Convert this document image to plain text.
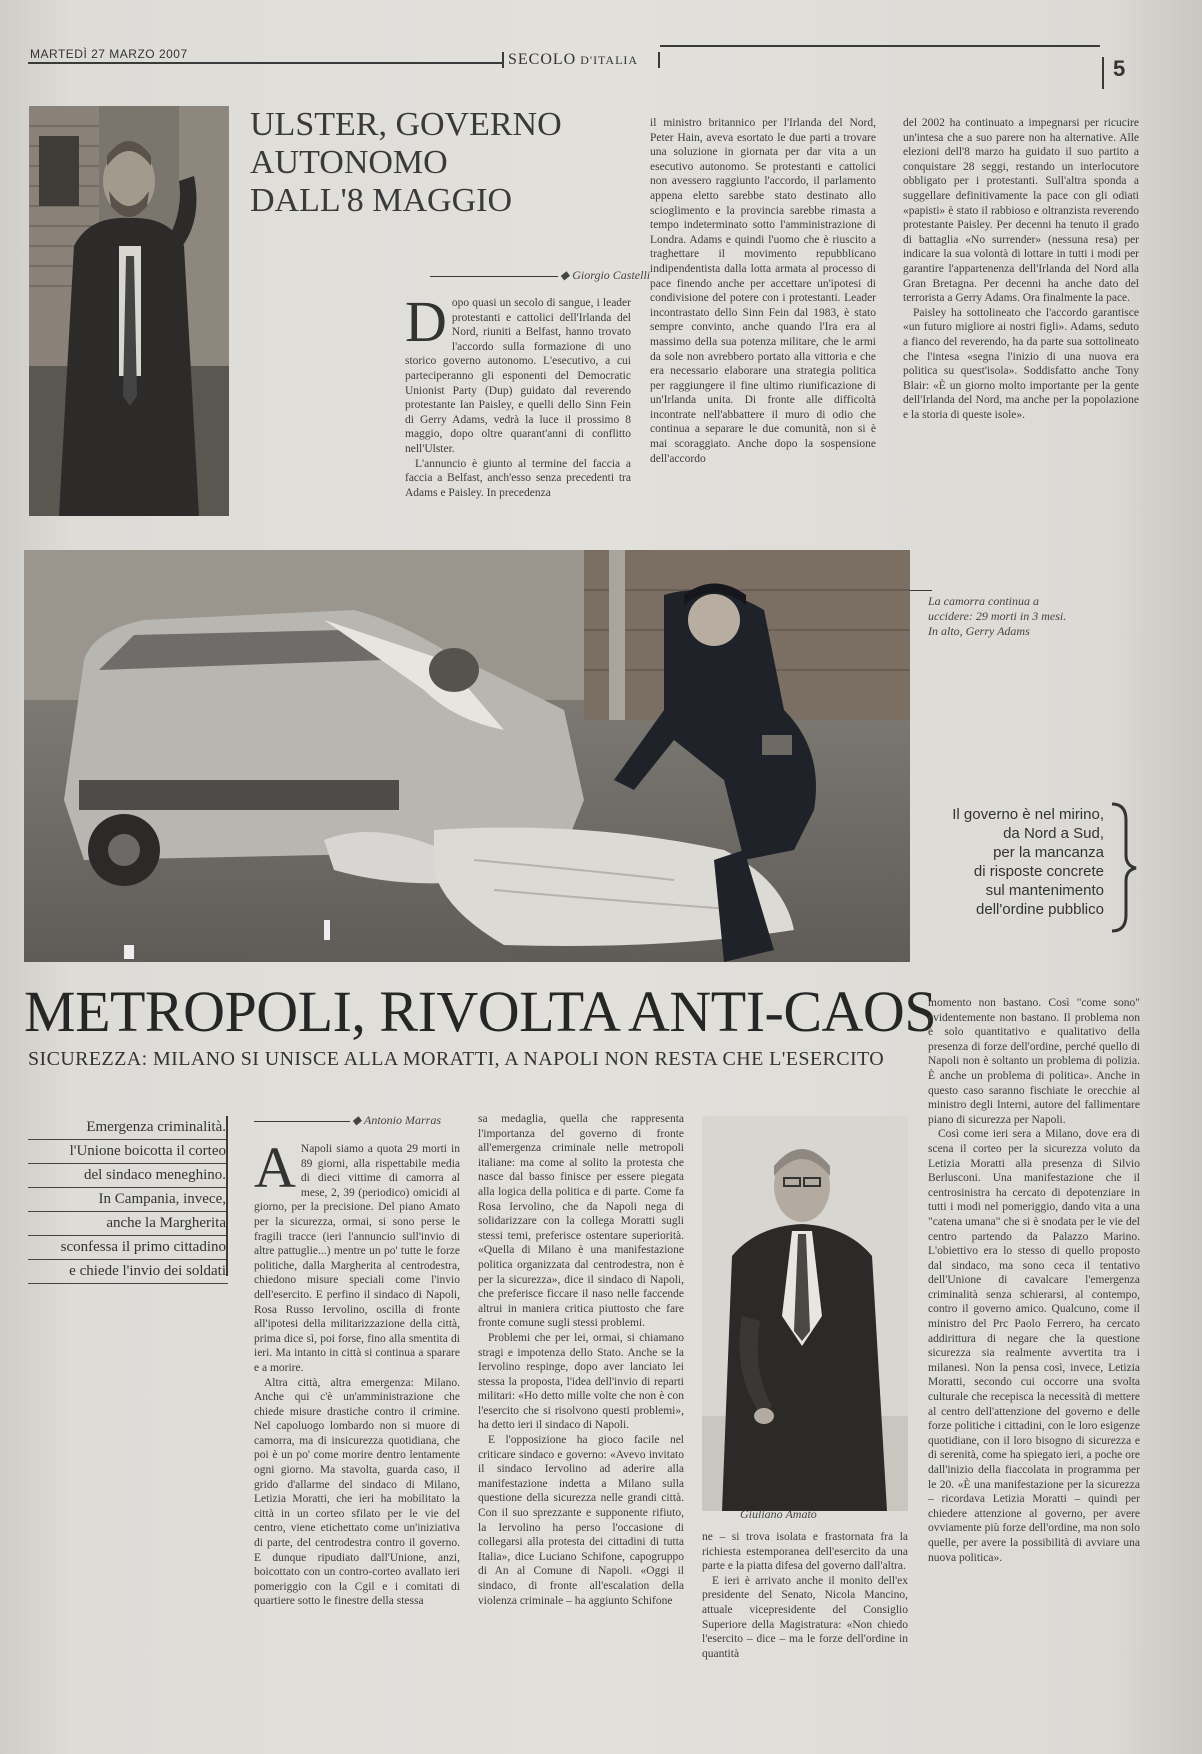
MARTEDÌ 27 MARZO 2007	SECOLO D'ITALIA	5
ULSTER, GOVERNO
AUTONOMO
DALL'8 MAGGIO
◆ Giorgio Castelli

Dopo quasi un secolo di sangue, i leader protestanti e cattolici dell'Irlanda del Nord, riuniti a Belfast, hanno trovato l'accordo sulla formazione di uno storico governo autonomo. L'esecutivo, a cui parteciperanno gli esponenti del Democratic Unionist Party (Dup) guidato dal reverendo protestante Ian Paisley, e quelli dello Sinn Fein di Gerry Adams, vedrà la luce il prossimo 8 maggio, dopo oltre quarant'anni di conflitto nell'Ulster.

L'annuncio è giunto al termine del faccia a faccia a Belfast, anch'esso senza precedenti tra Adams e Paisley. In precedenza

il ministro britannico per l'Irlanda del Nord, Peter Hain, aveva esortato le due parti a trovare una soluzione in giornata per dar vita a un esecutivo autonomo. Se protestanti e cattolici non avessero raggiunto l'accordo, il parlamento appena eletto sarebbe stato destinato allo scioglimento e la provincia sarebbe rimasta a tempo indeterminato sotto l'amministrazione di Londra. Adams e quindi l'uomo che è riuscito a traghettare il movimento repubblicano indipendentista dalla lotta armata al processo di pace finendo anche per accettare un'ipotesi di condivisione del potere con i protestanti. Leader incontrastato dello Sinn Fein dal 1983, è stato sempre convinto, anche quando l'Ira era al massimo della sua potenza militare, che le armi da sole non avrebbero portato alla vittoria e che era necessario elaborare una strategia politica per raggiungere il fine ultimo riunificazione di un'Irlanda unita. Di fronte alle difficoltà incontrate nell'abbattere il muro di odio che continua a separare le due comunità, non si è mai scoraggiato. Anche dopo la sospensione dell'accordo

del 2002 ha continuato a impegnarsi per ricucire un'intesa che a suo parere non ha alternative. Alle elezioni dell'8 marzo ha guidato il suo partito a conquistare 28 seggi, restando un interlocutore obbligato per i protestanti. Sull'altra sponda a suggellare definitivamente la pace con gli odiati «papisti» è stato il rabbioso e oltranzista reverendo protestante Paisley. Per decenni ha tenuto il grado di battaglia «No surrender» (nessuna resa) per indicare la sua volontà di lottare in tutti i modi per garantire l'appartenenza dell'Irlanda del Nord alla Gran Bretagna. Per decenni ha anche dato del terrorista a Gerry Adams. Ora finalmente la pace.

Paisley ha sottolineato che l'accordo garantisce «un futuro migliore ai nostri figli». Adams, seduto a fianco del reverendo, ha da parte sua sottolineato che l'intesa «segna l'inizio di una nuova era politica su quest'isola». Soddisfatto anche Tony Blair: «È un giorno molto importante per la gente dell'Irlanda del Nord, ma anche per la popolazione e la storia di queste isole».

La camorra continua a
uccidere: 29 morti in 3 mesi.
In alto, Gerry Adams
Il governo è nel mirino,
da Nord a Sud,
per la mancanza
di risposte concrete
sul mantenimento
dell'ordine pubblico
METROPOLI, RIVOLTA ANTI-CAOS
SICUREZZA: MILANO SI UNISCE ALLA MORATTI, A NAPOLI NON RESTA CHE L'ESERCITO
Emergenza criminalità.
l'Unione boicotta il corteo
del sindaco meneghino.
In Campania, invece,
anche la Margherita
sconfessa il primo cittadino
e chiede l'invio dei soldati
◆ Antonio Marras

A Napoli siamo a quota 29 morti in 89 giorni, alla rispettabile media di dieci vittime di camorra al mese, 2, 39 (periodico) omicidi al giorno, per la precisione. Del piano Amato per la sicurezza, ormai, si sono perse le fragili tracce (ieri l'annuncio sull'invio di altre pattuglie...) mentre un po' tutte le forze politiche, dalla Margherita al centrodestra, chiedono misure speciali come l'invio dell'esercito. E perfino il sindaco di Napoli, Rosa Russo Iervolino, oscilla di fronte all'ipotesi della militarizzazione della città, prima dice sì, poi forse, fino alla smentita di ieri. Ma intanto in città si continua a sparare e a morire.

Altra città, altra emergenza: Milano. Anche qui c'è un'amministrazione che chiede misure drastiche contro il crimine. Nel capoluogo lombardo non si muore di camorra, ma di insicurezza quotidiana, che poi è un po' come morire dentro lentamente ogni giorno. Ma stavolta, guarda caso, il grido d'allarme del sindaco di Milano, Letizia Moratti, che ieri ha mobilitato la città in un corteo sfilato per le vie del centro, viene etichettato come un'iniziativa di parte, del centrodestra contro il governo. E dunque ripudiato dall'Unione, anzi, boicottato con un contro-corteo avallato ieri pomeriggio con la Cgil e i comitati di quartiere sotto le finestre della stessa

sa medaglia, quella che rappresenta l'importanza del governo di fronte all'emergenza criminale nelle metropoli italiane: ma come al solito la protesta che nasce dal basso finisce per essere piegata alla logica della politica e di parte. Come fa Rosa Iervolino, che da Napoli nega di solidarizzare con la collega Moratti sugli stessi temi, preferisce ostentare superiorità. «Quella di Milano è una manifestazione politica organizzata dal centrodestra, non è per la sicurezza», dice il sindaco di Napoli, che preferisce ficcare il naso nelle faccende altrui in maniera critica piuttosto che fare fronte comune sugli stessi problemi.

Problemi che per lei, ormai, si chiamano stragi e impotenza dello Stato. Anche se la Iervolino respinge, dopo aver lanciato lei stessa la proposta, l'idea dell'invio di reparti militari: «Ho detto mille volte che non è con l'esercito che si risolvono questi problemi», ha detto ieri il sindaco di Napoli.

E l'opposizione ha gioco facile nel criticare sindaco e governo: «Avevo invitato il sindaco Iervolino ad aderire alla manifestazione indetta a Milano sulla questione della sicurezza nelle grandi città. Con il suo sprezzante e supponente rifiuto, la Iervolino ha perso l'occasione di collegarsi alla protesta dei cittadini di tutta Italia», dice Luciano Schifone, capogruppo di An al Comune di Napoli. «Oggi il sindaco, di fronte all'escalation della violenza criminale – ha aggiunto Schifone

Giuliano Amato

ne – si trova isolata e frastornata fra la richiesta estemporanea dell'esercito da una parte e la piatta difesa del governo dall'altra.

E ieri è arrivato anche il monito dell'ex presidente del Senato, Nicola Mancino, attuale vicepresidente del Consiglio Superiore della Magistratura: «Non chiedo l'esercito – dice – ma le forze dell'ordine in quantità

momento non bastano. Così "come sono" evidentemente non bastano. Il problema non è solo quantitativo e qualitativo della presenza di forze dell'ordine, perché quello di Napoli non è soltanto un problema di polizia. È anche un problema di politica». Anche in questo caso saranno fischiate le orecchie al ministro degli Interni, autore del fallimentare piano di sicurezza per Napoli.

Così come ieri sera a Milano, dove era di scena il corteo per la sicurezza voluto da Letizia Moratti alla presenza di Silvio Berlusconi. Una manifestazione che il centrosinistra ha cercato di depotenziare in tutti i modi nel pomeriggio, dando vita a una "catena umana" che si è snodata per le vie del centro partendo da Palazzo Marino. L'obiettivo era lo stesso di quello proposto dal sindaco, ma sono ceca il tentativo dell'Unione di cavalcare l'emergenza criminalità senza schierarsi, al contempo, contro il governo amico. Qualcuno, come il ministro del Prc Paolo Ferrero, ha cercato addirittura di negare che la questione sicurezza sia realmente avvertita tra i milanesi. Non la pensa così, invece, Letizia Moratti, secondo cui occorre una svolta culturale che recepisca la necessità di mettere al centro dell'attenzione del governo e delle forze politiche i cittadini, con le loro esigenze quotidiane, con il loro bisogno di sicurezza e di serenità, come ha spiegato ieri, a poche ore dall'inizio della fiaccolata in programma per le 20. «È una manifestazione per la sicurezza – ricordava Letizia Moratti – quindi per chiedere attenzione al governo, per avere ovviamente più forze dell'ordine, ma non solo quelle, per avere la possibilità di avviare una nuova politica».
